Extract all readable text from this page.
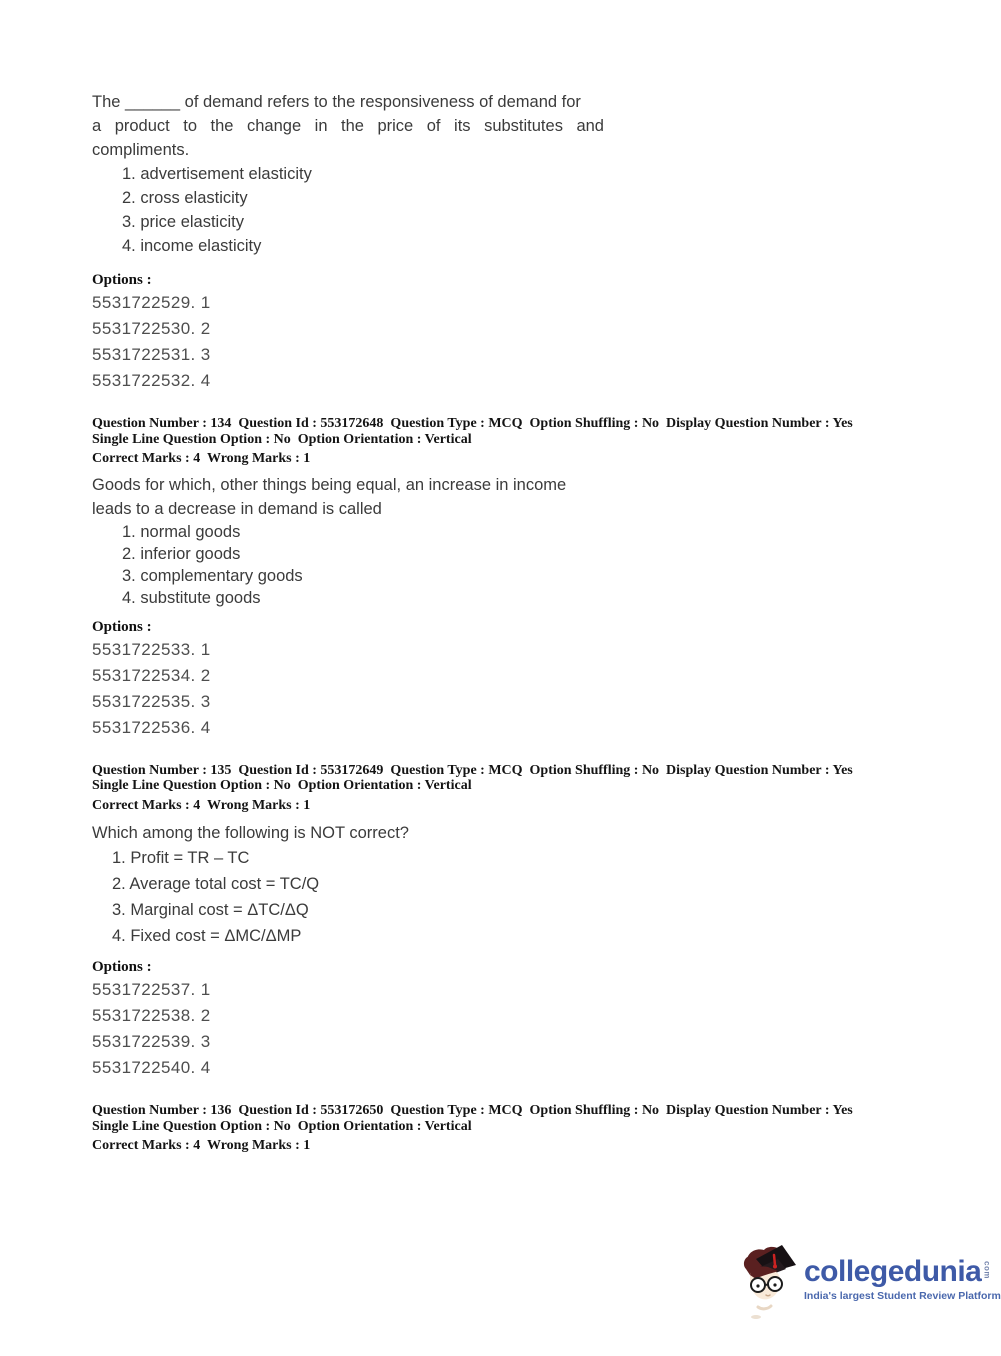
The ______ of demand refers to the responsiveness of demand for
a product to the change in the price of its substitutes and
compliments.
1. advertisement elasticity
2. cross elasticity
3. price elasticity
4. income elasticity
Options :
5531722529. 1
5531722530. 2
5531722531. 3
5531722532. 4
Question Number : 134  Question Id : 553172648  Question Type : MCQ  Option Shuffling : No  Display Question Number : Yes
Single Line Question Option : No  Option Orientation : Vertical
Correct Marks : 4  Wrong Marks : 1
Goods for which, other things being equal, an increase in income
leads to a decrease in demand is called
1. normal goods
2. inferior goods
3. complementary goods
4. substitute goods
Options :
5531722533. 1
5531722534. 2
5531722535. 3
5531722536. 4
Question Number : 135  Question Id : 553172649  Question Type : MCQ  Option Shuffling : No  Display Question Number : Yes
Single Line Question Option : No  Option Orientation : Vertical
Correct Marks : 4  Wrong Marks : 1
Which among the following is NOT correct?
1. Profit = TR – TC
2. Average total cost = TC/Q
3. Marginal cost = ΔTC/ΔQ
4. Fixed cost = ΔMC/ΔMP
Options :
5531722537. 1
5531722538. 2
5531722539. 3
5531722540. 4
Question Number : 136  Question Id : 553172650  Question Type : MCQ  Option Shuffling : No  Display Question Number : Yes
Single Line Question Option : No  Option Orientation : Vertical
Correct Marks : 4  Wrong Marks : 1
collegedunia com
India's largest Student Review Platform
